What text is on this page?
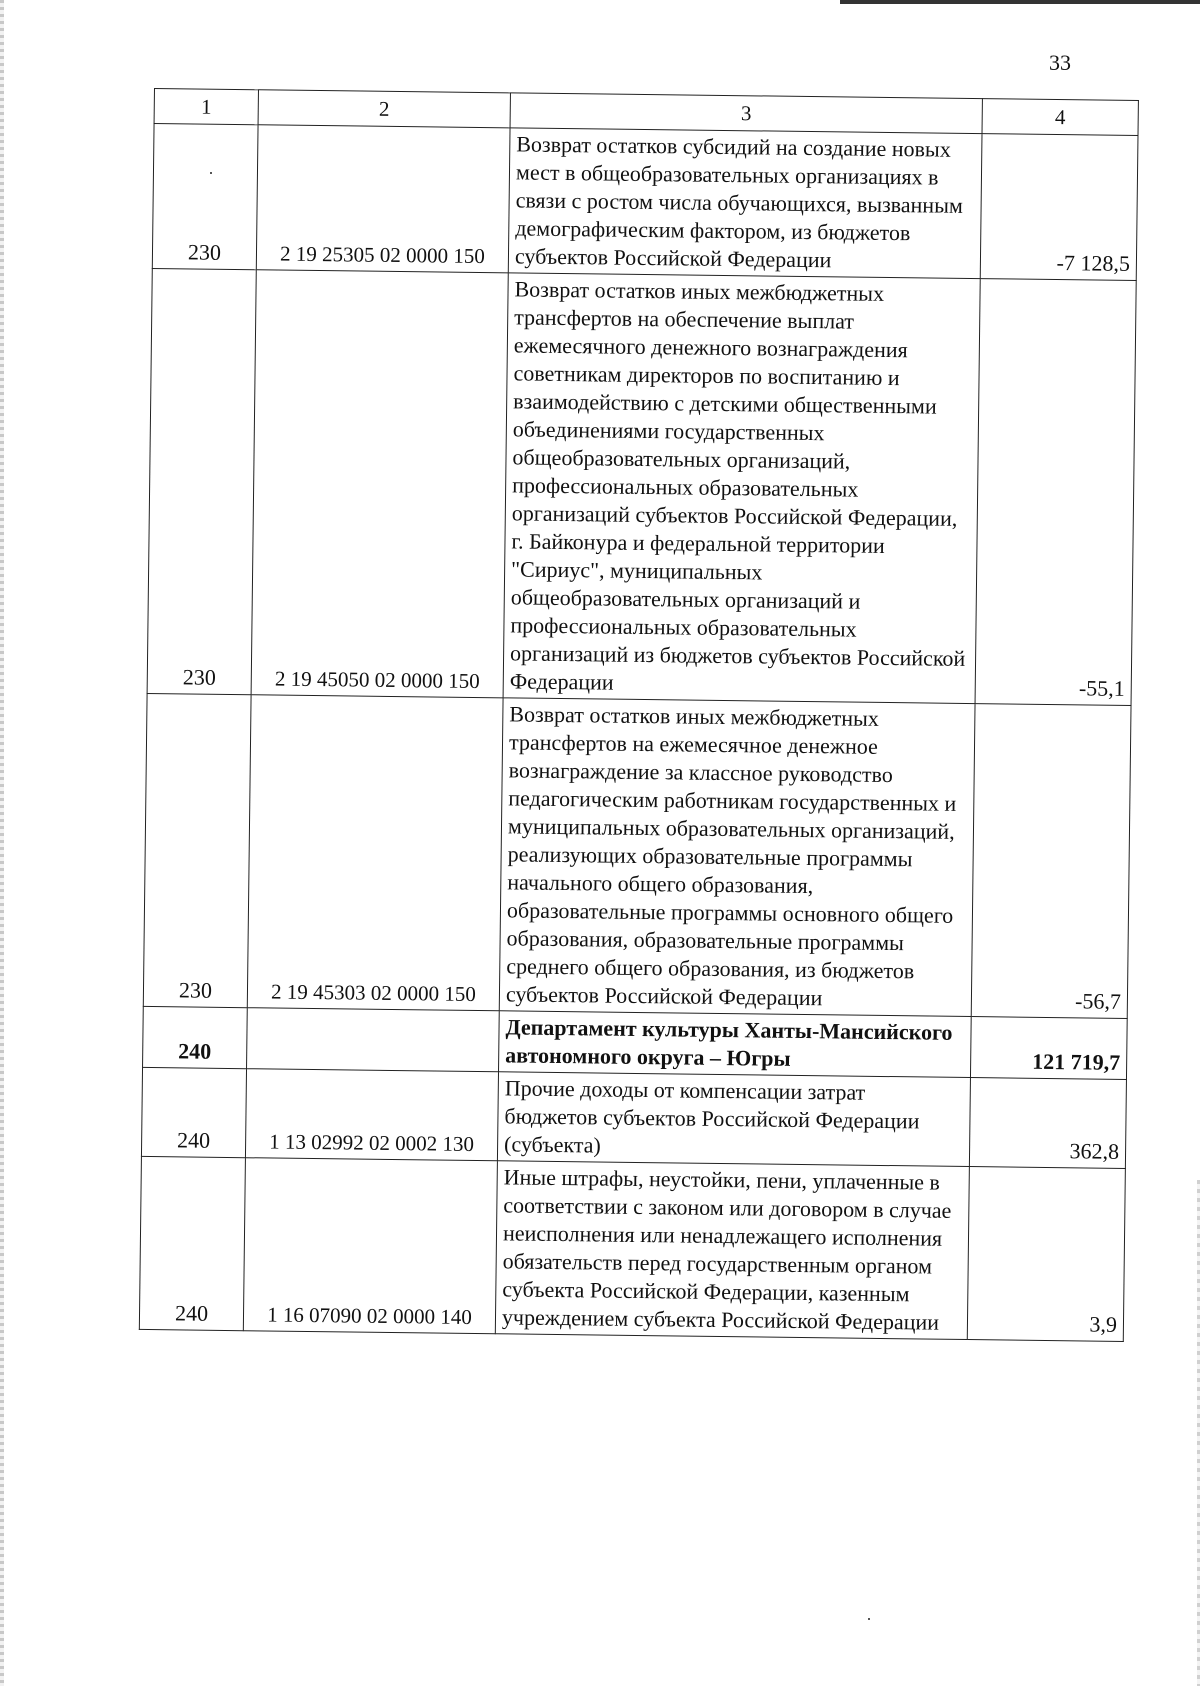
33
1	2	3	4
230	2 19 25305 02 0000 150	Возврат остатков субсидий на создание новых мест в общеобразовательных организациях в связи с ростом числа обучающихся, вызванным демографическим фактором, из бюджетов субъектов Российской Федерации	-7 128,5
230	2 19 45050 02 0000 150	Возврат остатков иных межбюджетных трансфертов на обеспечение выплат ежемесячного денежного вознаграждения советникам директоров по воспитанию и взаимодействию с детскими общественными объединениями государственных общеобразовательных организаций, профессиональных образовательных организаций субъектов Российской Федерации, г. Байконура и федеральной территории "Сириус", муниципальных общеобразовательных организаций и профессиональных образовательных организаций из бюджетов субъектов Российской Федерации	-55,1
230	2 19 45303 02 0000 150	Возврат остатков иных межбюджетных трансфертов на ежемесячное денежное вознаграждение за классное руководство педагогическим работникам государственных и муниципальных образовательных организаций, реализующих образовательные программы начального общего образования, образовательные программы основного общего образования, образовательные программы среднего общего образования, из бюджетов субъектов Российской Федерации	-56,7
240		Департамент культуры Ханты-Мансийского автономного округа – Югры	121 719,7
240	1 13 02992 02 0002 130	Прочие доходы от компенсации затрат бюджетов субъектов Российской Федерации (субъекта)	362,8
240	1 16 07090 02 0000 140	Иные штрафы, неустойки, пени, уплаченные в соответствии с законом или договором в случае неисполнения или ненадлежащего исполнения обязательств перед государственным органом субъекта Российской Федерации, казенным учреждением субъекта Российской Федерации	3,9
